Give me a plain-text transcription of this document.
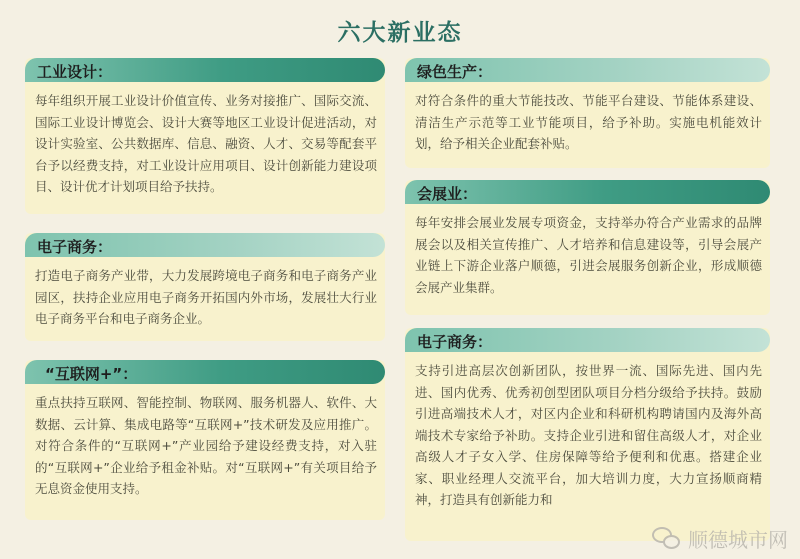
六大新业态
工业设计：
每年组织开展工业设计价值宣传、业务对接推广、国际交流、国际工业设计博览会、设计大赛等地区工业设计促进活动，对设计实验室、公共数据库、信息、融资、人才、交易等配套平台予以经费支持，对工业设计应用项目、设计创新能力建设项目、设计优才计划项目给予扶持。
电子商务：
打造电子商务产业带，大力发展跨境电子商务和电子商务产业园区，扶持企业应用电子商务开拓国内外市场，发展壮大行业电子商务平台和电子商务企业。
“互联网+”：
重点扶持互联网、智能控制、物联网、服务机器人、软件、大数据、云计算、集成电路等“互联网+”技术研发及应用推广。对符合条件的“互联网+”产业园给予建设经费支持，对入驻的“互联网+”企业给予租金补贴。对“互联网+”有关项目给予无息资金使用支持。
绿色生产：
对符合条件的重大节能技改、节能平台建设、节能体系建设、清洁生产示范等工业节能项目，给予补助。实施电机能效计划，给予相关企业配套补贴。
会展业：
每年安排会展业发展专项资金，支持举办符合产业需求的品牌展会以及相关宣传推广、人才培养和信息建设等，引导会展产业链上下游企业落户顺德，引进会展服务创新企业，形成顺德会展产业集群。
电子商务：
支持引进高层次创新团队，按世界一流、国际先进、国内先进、国内优秀、优秀初创型团队项目分档分级给予扶持。鼓励引进高端技术人才，对区内企业和科研机构聘请国内及海外高端技术专家给予补助。支持企业引进和留住高级人才，对企业高级人才子女入学、住房保障等给予便利和优惠。搭建企业家、职业经理人交流平台，加大培训力度，大力宣扬顺商精神，打造具有创新能力和
顺德城市网
